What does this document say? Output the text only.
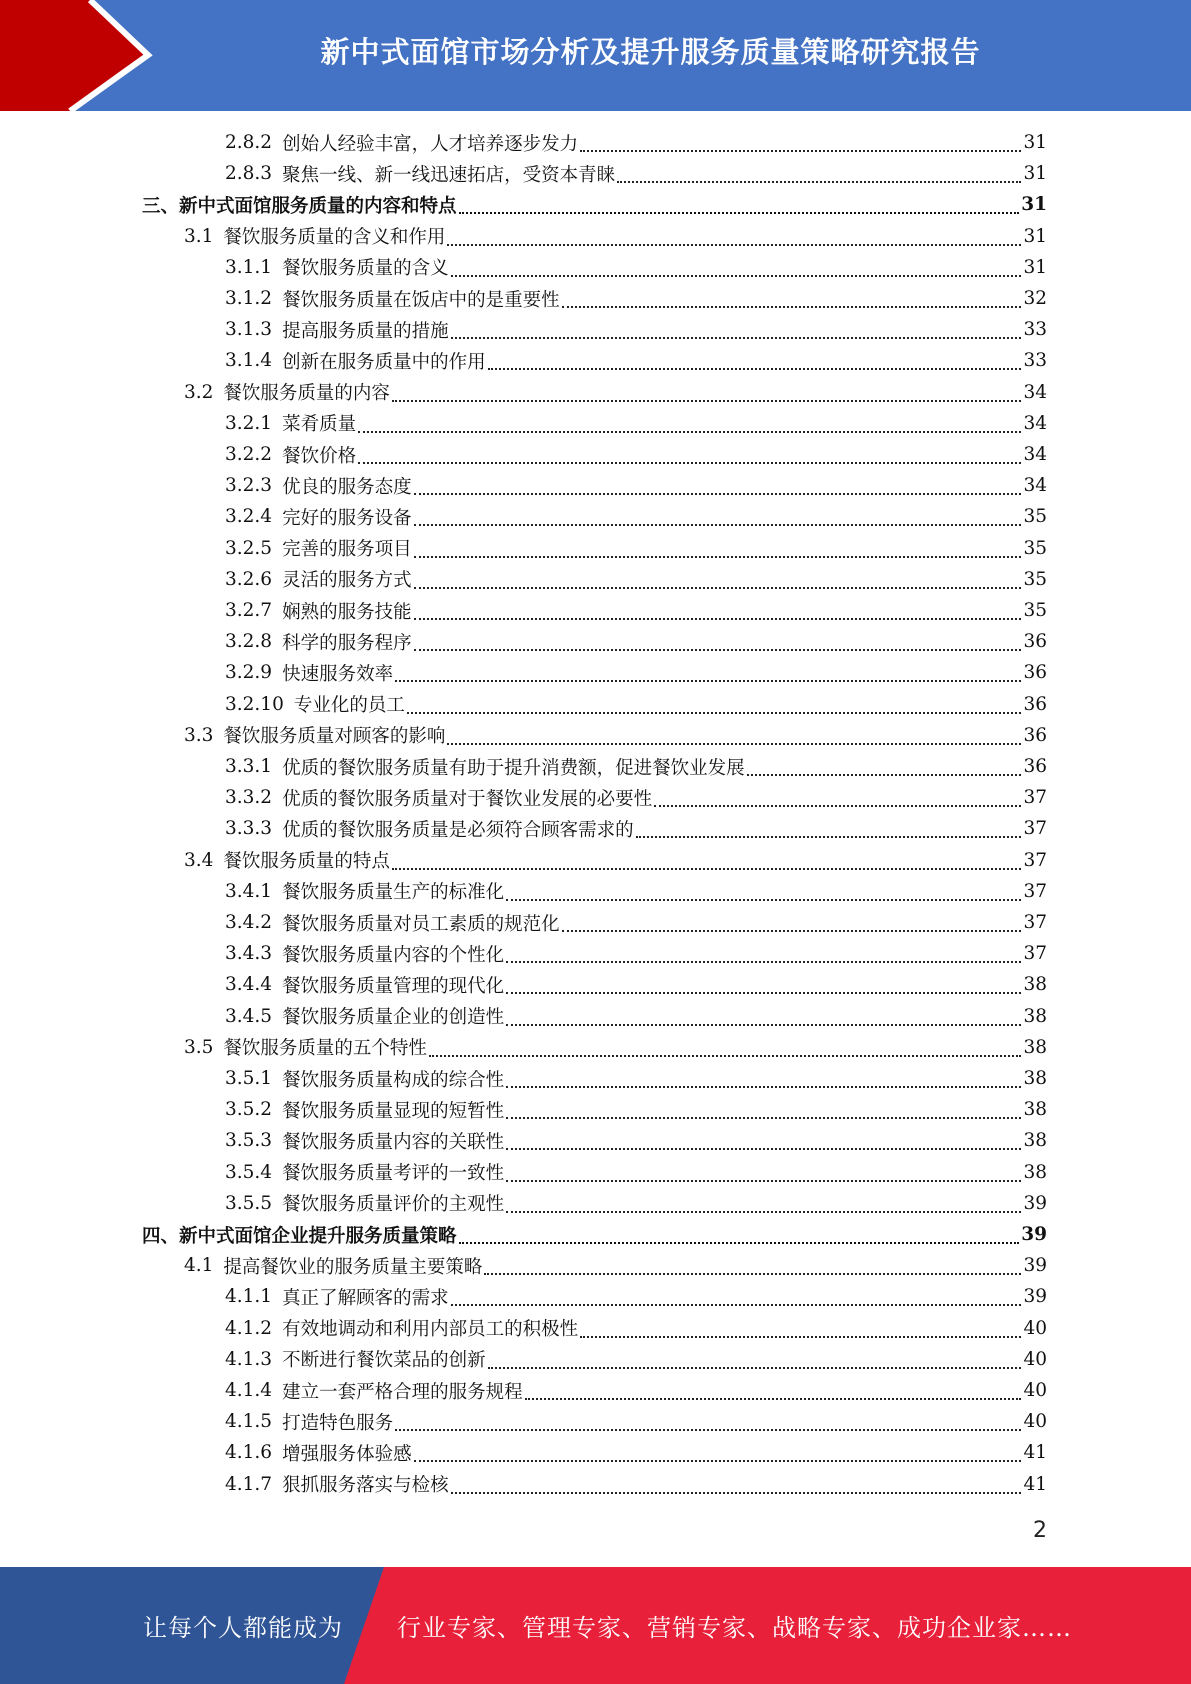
新中式面馆市场分析及提升服务质量策略研究报告
2.8.2 创始人经验丰富，人才培养逐步发力	31
2.8.3 聚焦一线、新一线迅速拓店，受资本青睐	31
三、 新中式面馆服务质量的内容和特点	31
3.1 餐饮服务质量的含义和作用	31
3.1.1 餐饮服务质量的含义	31
3.1.2 餐饮服务质量在饭店中的是重要性	32
3.1.3 提高服务质量的措施	33
3.1.4 创新在服务质量中的作用	33
3.2 餐饮服务质量的内容	34
3.2.1 菜肴质量	34
3.2.2 餐饮价格	34
3.2.3 优良的服务态度	34
3.2.4 完好的服务设备	35
3.2.5 完善的服务项目	35
3.2.6 灵活的服务方式	35
3.2.7 娴熟的服务技能	35
3.2.8 科学的服务程序	36
3.2.9 快速服务效率	36
3.2.10 专业化的员工	36
3.3 餐饮服务质量对顾客的影响	36
3.3.1 优质的餐饮服务质量有助于提升消费额，促进餐饮业发展	36
3.3.2 优质的餐饮服务质量对于餐饮业发展的必要性	37
3.3.3 优质的餐饮服务质量是必须符合顾客需求的	37
3.4 餐饮服务质量的特点	37
3.4.1 餐饮服务质量生产的标准化	37
3.4.2 餐饮服务质量对员工素质的规范化	37
3.4.3 餐饮服务质量内容的个性化	37
3.4.4 餐饮服务质量管理的现代化	38
3.4.5 餐饮服务质量企业的创造性	38
3.5 餐饮服务质量的五个特性	38
3.5.1 餐饮服务质量构成的综合性	38
3.5.2 餐饮服务质量显现的短暂性	38
3.5.3 餐饮服务质量内容的关联性	38
3.5.4 餐饮服务质量考评的一致性	38
3.5.5 餐饮服务质量评价的主观性	39
四、 新中式面馆企业提升服务质量策略	39
4.1 提高餐饮业的服务质量主要策略	39
4.1.1 真正了解顾客的需求	39
4.1.2 有效地调动和利用内部员工的积极性	40
4.1.3 不断进行餐饮菜品的创新	40
4.1.4 建立一套严格合理的服务规程	40
4.1.5 打造特色服务	40
4.1.6 增强服务体验感	41
4.1.7 狠抓服务落实与检核	41
2
让每个人都能成为 行业专家、管理专家、营销专家、战略专家、成功企业家……
